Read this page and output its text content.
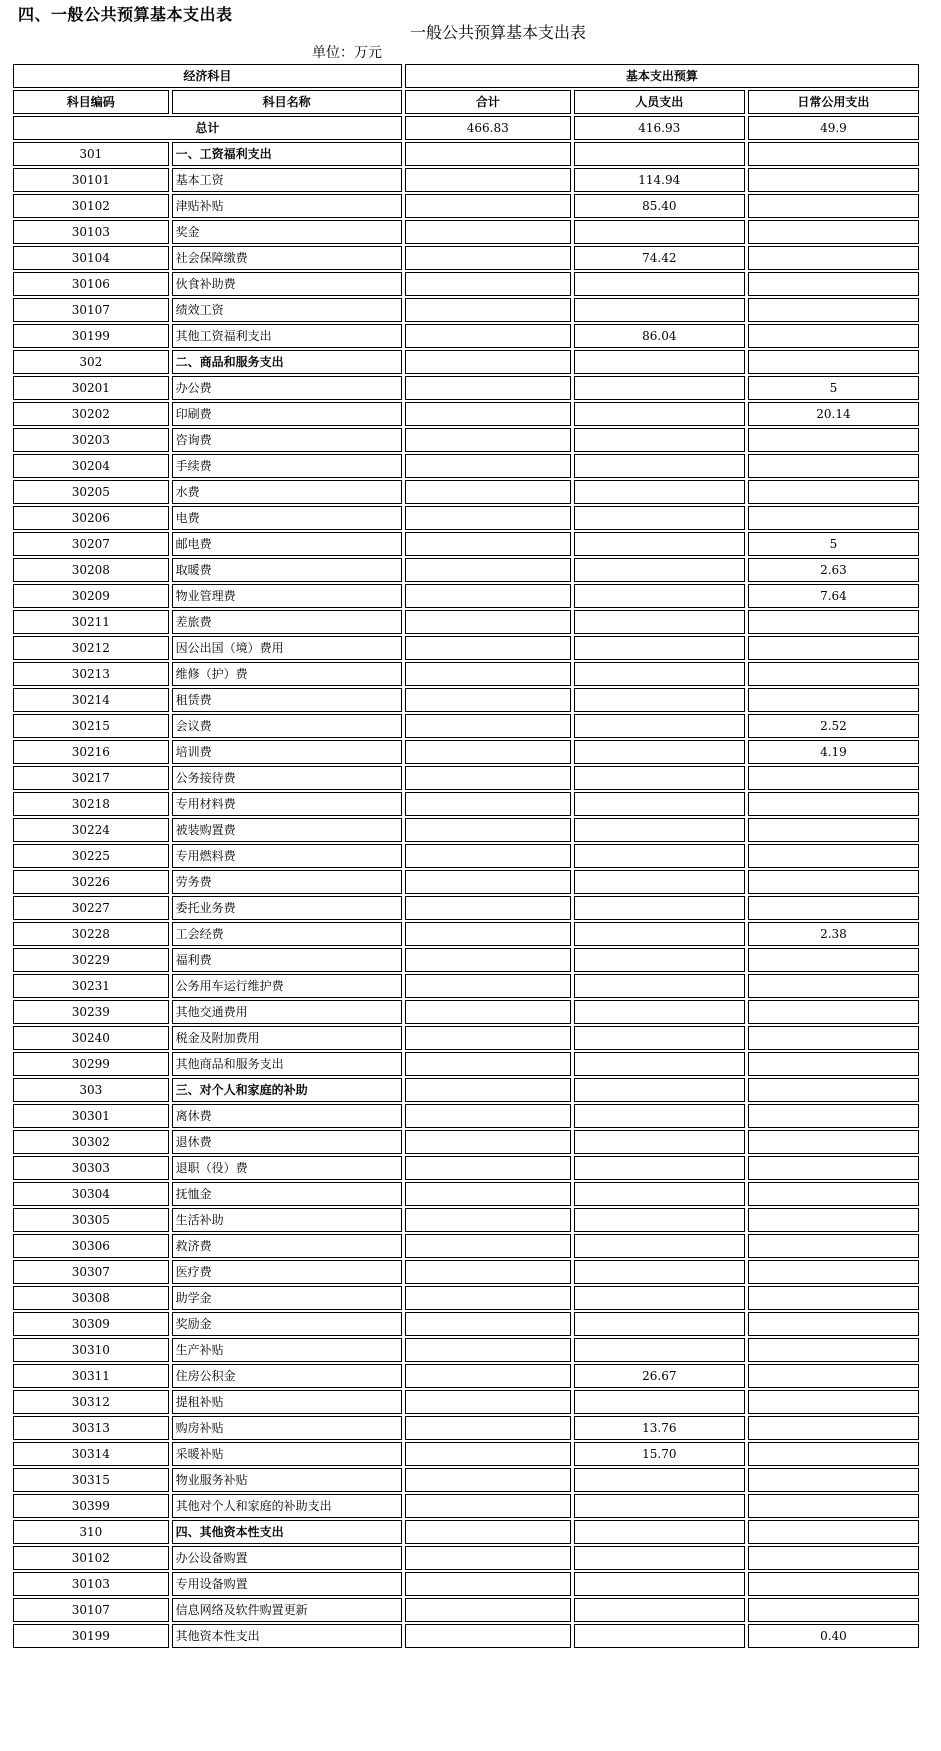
四、一般公共预算基本支出表
一般公共预算基本支出表
单位：万元
经济科目		基本支出预算		
科目编码	科目名称	合计	人员支出	日常公用支出
总计		466.83	416.93	49.9
301	一、工资福利支出			
30101	基本工资		114.94	
30102	津贴补贴		85.40	
30103	奖金			
30104	社会保障缴费		74.42	
30106	伙食补助费			
30107	绩效工资			
30199	其他工资福利支出		86.04	
302	二、商品和服务支出			
30201	办公费			5
30202	印刷费			20.14
30203	咨询费			
30204	手续费			
30205	水费			
30206	电费			
30207	邮电费			5
30208	取暖费			2.63
30209	物业管理费			7.64
30211	差旅费			
30212	因公出国（境）费用			
30213	维修（护）费			
30214	租赁费			
30215	会议费			2.52
30216	培训费			4.19
30217	公务接待费			
30218	专用材料费			
30224	被装购置费			
30225	专用燃料费			
30226	劳务费			
30227	委托业务费			
30228	工会经费			2.38
30229	福利费			
30231	公务用车运行维护费			
30239	其他交通费用			
30240	税金及附加费用			
30299	其他商品和服务支出			
303	三、对个人和家庭的补助			
30301	离休费			
30302	退休费			
30303	退职（役）费			
30304	抚恤金			
30305	生活补助			
30306	救济费			
30307	医疗费			
30308	助学金			
30309	奖励金			
30310	生产补贴			
30311	住房公积金		26.67	
30312	提租补贴			
30313	购房补贴		13.76	
30314	采暖补贴		15.70	
30315	物业服务补贴			
30399	其他对个人和家庭的补助支出			
310	四、其他资本性支出			
30102	办公设备购置			
30103	专用设备购置			
30107	信息网络及软件购置更新			
30199	其他资本性支出			0.40
